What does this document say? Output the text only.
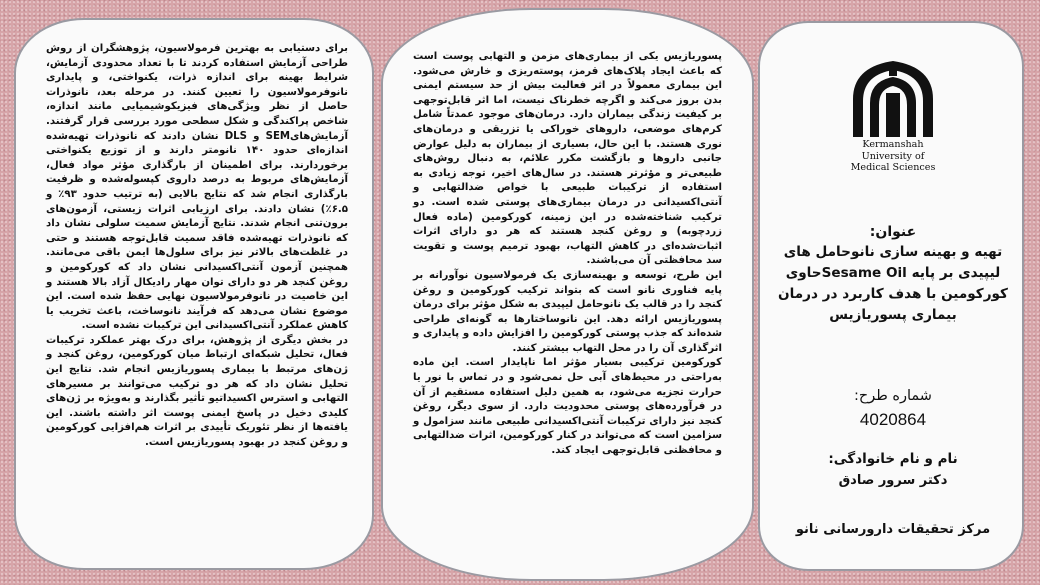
برای دستیابی به بهترین فرمولاسیون، پژوهشگران از روش طراحی آزمایش استفاده کردند تا با تعداد محدودی آزمایش، شرایط بهینه برای اندازه ذرات، یکنواختی، و پایداری نانوفرمولاسیون را تعیین کنند. در مرحله بعد، نانوذرات حاصل از نظر ویژگی‌های فیزیکوشیمیایی مانند اندازه، شاخص پراکندگی و شکل سطحی مورد بررسی قرار گرفتند. آزمایش‌هایSEM و DLS نشان دادند که نانوذرات تهیه‌شده اندازه‌ای حدود ۱۴۰ نانومتر دارند و از توزیع یکنواختی برخوردارند. برای اطمینان از بارگذاری مؤثر مواد فعال، آزمایش‌های مربوط به درصد داروی کپسوله‌شده و ظرفیت بارگذاری انجام شد که نتایج بالایی (به ترتیب حدود ۹۳٪ و ۶.۵٪) نشان دادند. برای ارزیابی اثرات زیستی، آزمون‌های برون‌تنی انجام شدند. نتایج آزمایش سمیت سلولی نشان داد که نانوذرات تهیه‌شده فاقد سمیت قابل‌توجه هستند و حتی در غلظت‌های بالاتر نیز برای سلول‌ها ایمن باقی می‌مانند. همچنین آزمون آنتی‌اکسیدانی نشان داد که کورکومین و روغن کنجد هر دو دارای توان مهار رادیکال آزاد بالا هستند و این خاصیت در نانوفرمولاسیون نهایی حفظ شده است. این موضوع نشان می‌دهد که فرآیند نانوساخت، باعث تخریب یا کاهش عملکرد آنتی‌اکسیدانی این ترکیبات نشده است.

در بخش دیگری از پژوهش، برای درک بهتر عملکرد ترکیبات فعال، تحلیل شبکه‌ای ارتباط میان کورکومین، روغن کنجد و ژن‌های مرتبط با بیماری پسوریازیس انجام شد. نتایج این تحلیل نشان داد که هر دو ترکیب می‌توانند بر مسیرهای التهابی و استرس اکسیداتیو تأثیر بگذارند و به‌ویژه بر ژن‌های کلیدی دخیل در پاسخ ایمنی پوست اثر داشته باشند. این یافته‌ها از نظر تئوریک تأییدی بر اثرات هم‌افزایی کورکومین و روغن کنجد در بهبود پسوریازیس است.

پسوریازیس یکی از بیماری‌های مزمن و التهابی پوست است که باعث ایجاد پلاک‌های قرمز، پوسته‌ریزی و خارش می‌شود. این بیماری معمولاً در اثر فعالیت بیش از حد سیستم ایمنی بدن بروز می‌کند و اگرچه خطرناک نیست، اما اثر قابل‌توجهی بر کیفیت زندگی بیماران دارد. درمان‌های موجود عمدتاً شامل کرم‌های موضعی، داروهای خوراکی یا تزریقی و درمان‌های نوری هستند. با این حال، بسیاری از بیماران به دلیل عوارض جانبی داروها و بازگشت مکرر علائم، به دنبال روش‌های طبیعی‌تر و مؤثرتر هستند. در سال‌های اخیر، توجه زیادی به استفاده از ترکیبات طبیعی با خواص ضدالتهابی و آنتی‌اکسیدانی در درمان بیماری‌های پوستی شده است. دو ترکیب شناخته‌شده در این زمینه، کورکومین (ماده فعال زردچوبه) و روغن کنجد هستند که هر دو دارای اثرات اثبات‌شده‌ای در کاهش التهاب، بهبود ترمیم پوست و تقویت سد محافظتی آن می‌باشند.

این طرح، توسعه و بهینه‌سازی یک فرمولاسیون نوآورانه بر پایه فناوری نانو است که بتواند ترکیب کورکومین و روغن کنجد را در قالب یک نانوحامل لیپیدی به شکل مؤثر برای درمان پسوریازیس ارائه دهد. این نانوساختارها به گونه‌ای طراحی شده‌اند که جذب پوستی کورکومین را افزایش داده و پایداری و اثرگذاری آن را در محل التهاب بیشتر کنند.

کورکومین ترکیبی بسیار مؤثر اما ناپایدار است. این ماده به‌راحتی در محیط‌های آبی حل نمی‌شود و در تماس با نور یا حرارت تجزیه می‌شود، به همین دلیل استفاده مستقیم از آن در فرآورده‌های پوستی محدودیت دارد. از سوی دیگر، روغن کنجد نیز دارای ترکیبات آنتی‌اکسیدانی طبیعی مانند سزامول و سزامین است که می‌تواند در کنار کورکومین، اثرات ضدالتهابی و محافظتی قابل‌توجهی ایجاد کند.

Kermanshah
University of
Medical Sciences
عنوان:
تهیه و بهینه سازی نانوحامل های لیپیدی بر پایه Sesame Oilحاوی کورکومین با هدف کاربرد در درمان بیماری پسوریازیس
شماره طرح:
4020864
نام و نام خانوادگی:
دکتر سرور صادق
مرکز تحقیقات دارورسانی نانو
